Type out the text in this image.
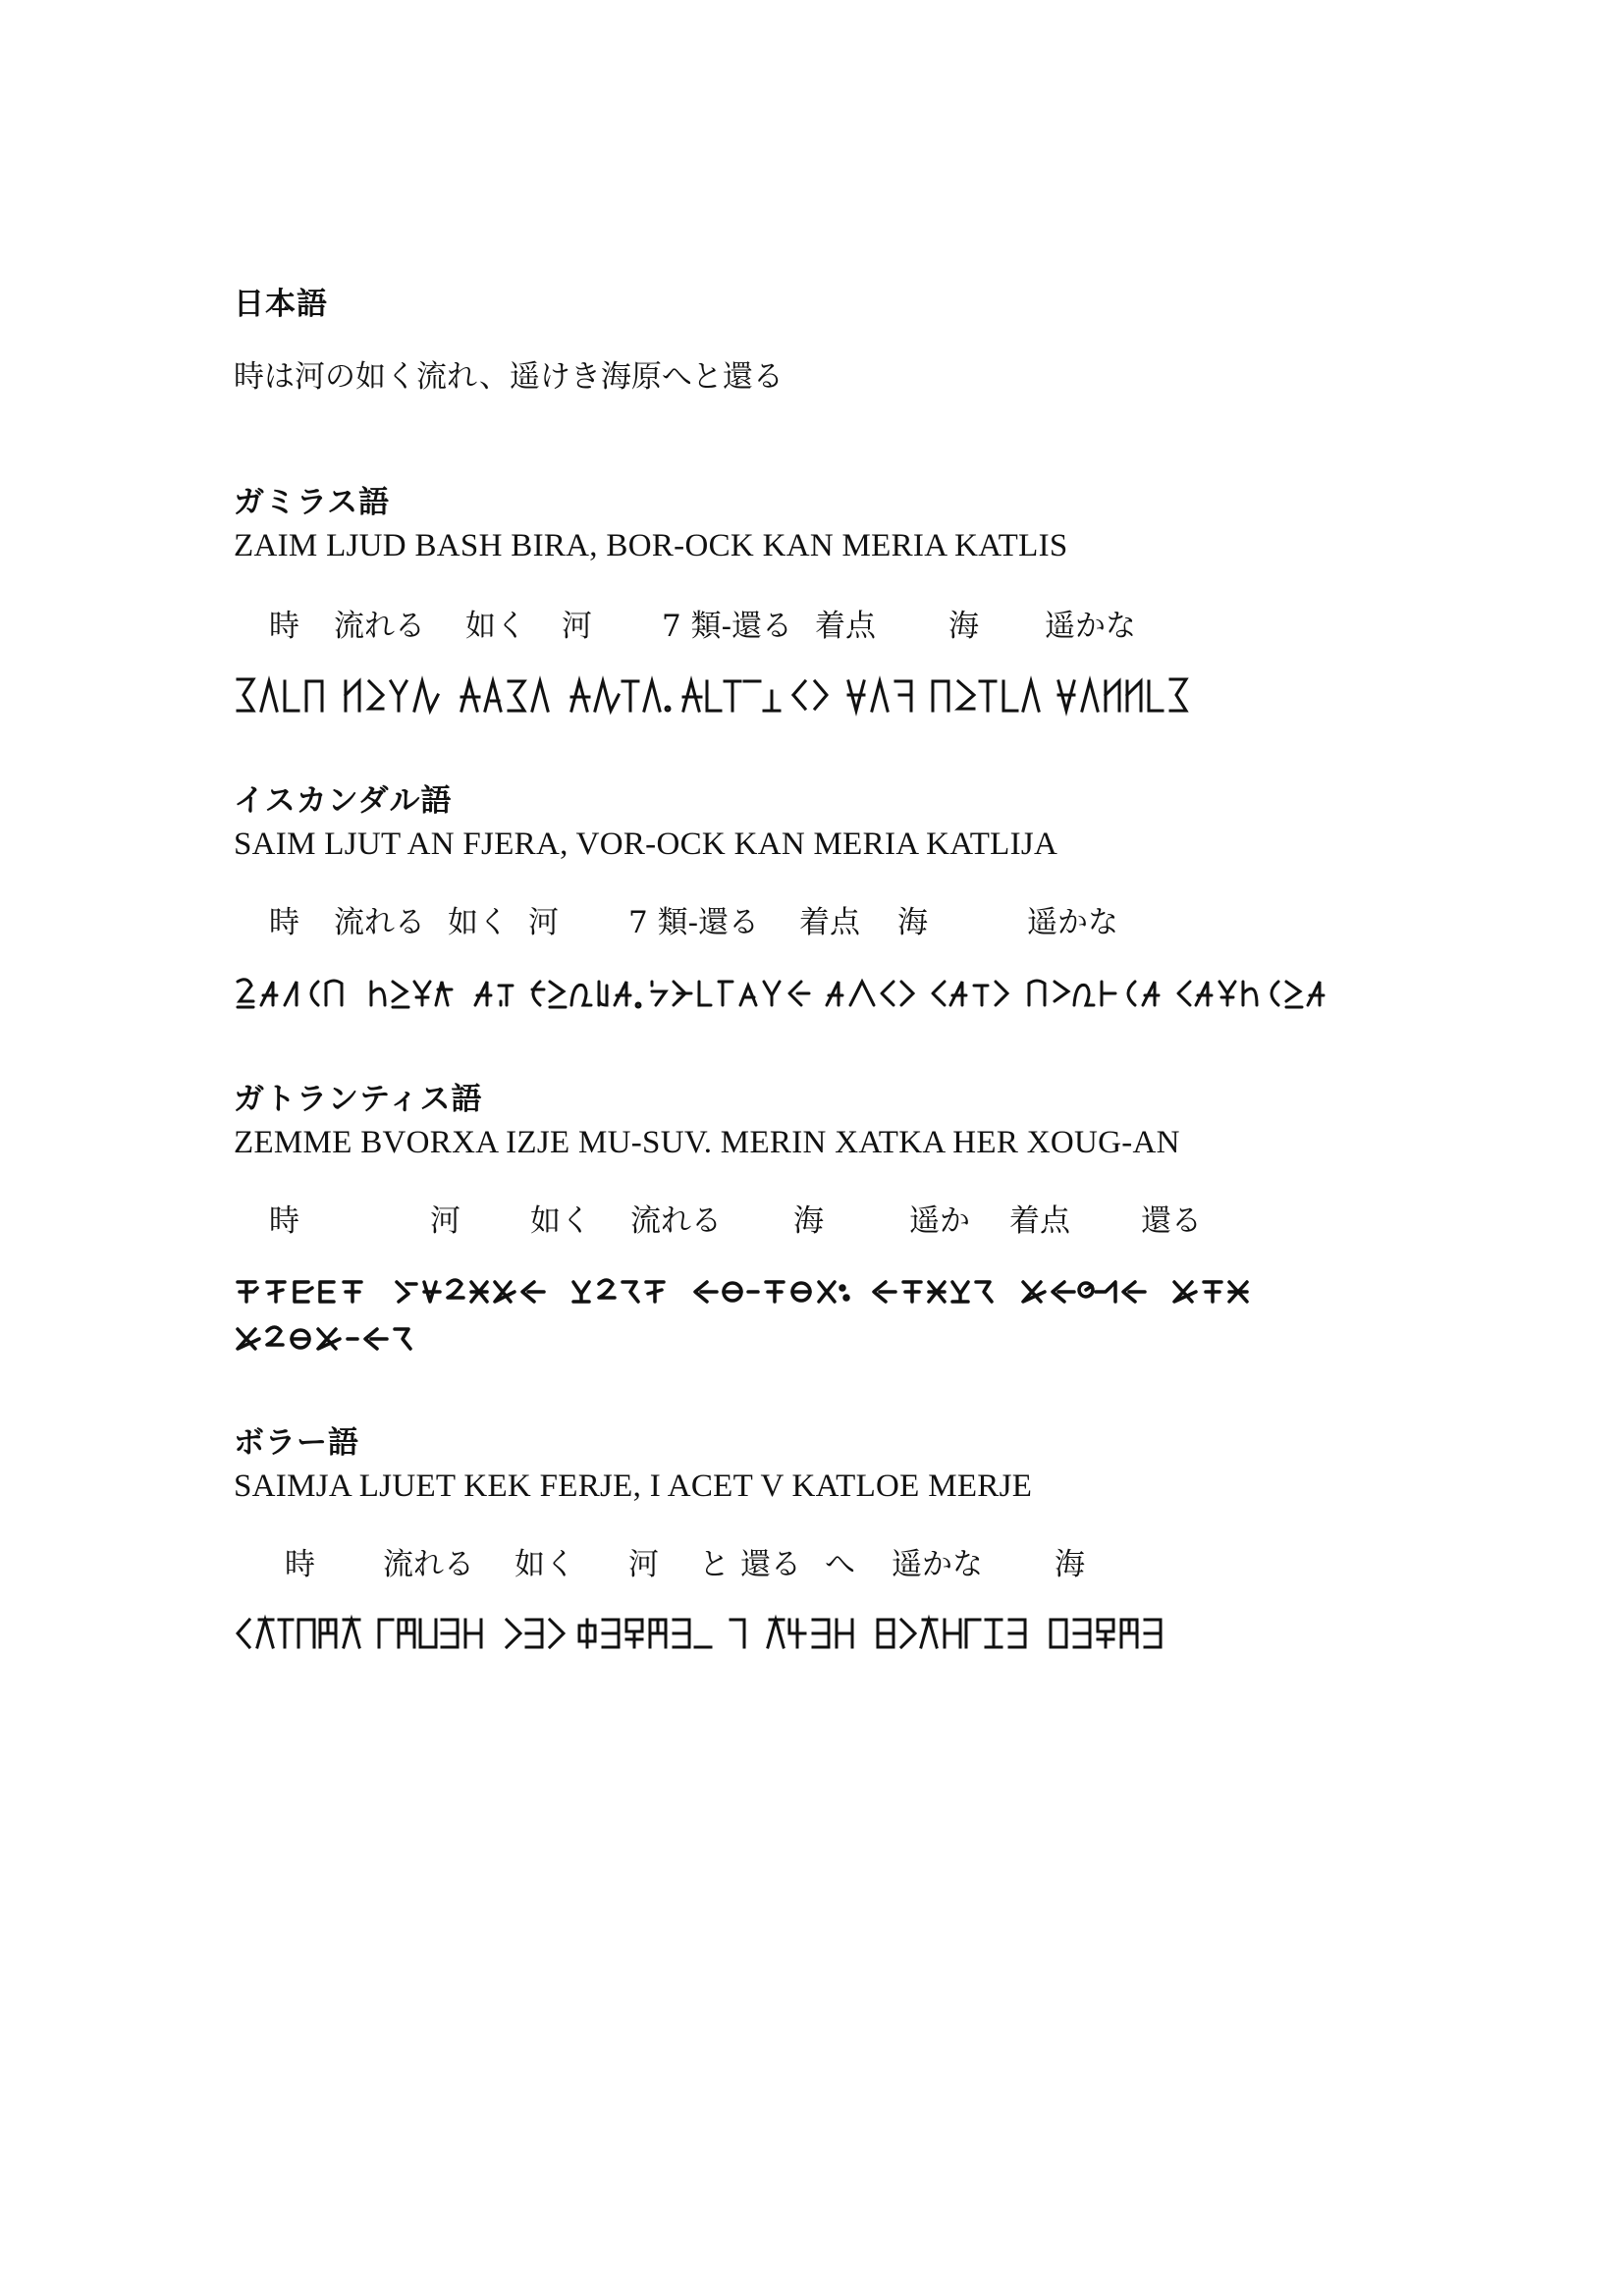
日本語
時は河の如く流れ、遥けき海原へと還る
ガミラス語
ZAIM LJUD BASH BIRA, BOR-OCK KAN MERIA KATLIS
時 流れる 如く 河 7 類-還る 着点 海 遥かな
イスカンダル語
SAIM LJUT AN FJERA, VOR-OCK KAN MERIA KATLIJA
時 流れる 如く 河 7 類-還る 着点 海	遥かな
ガトランティス語
ZEMME BVORXA IZJE MU-SUV. MERIN XATKA HER XOUG-AN
時	河 如く 流れる 海	遥か 着点 還る
ボラー語
SAIMJA LJUET KEK FERJE, I ACET V KATLOE MERJE
時 流れる 如く 河 と 還る へ 遥かな 海
